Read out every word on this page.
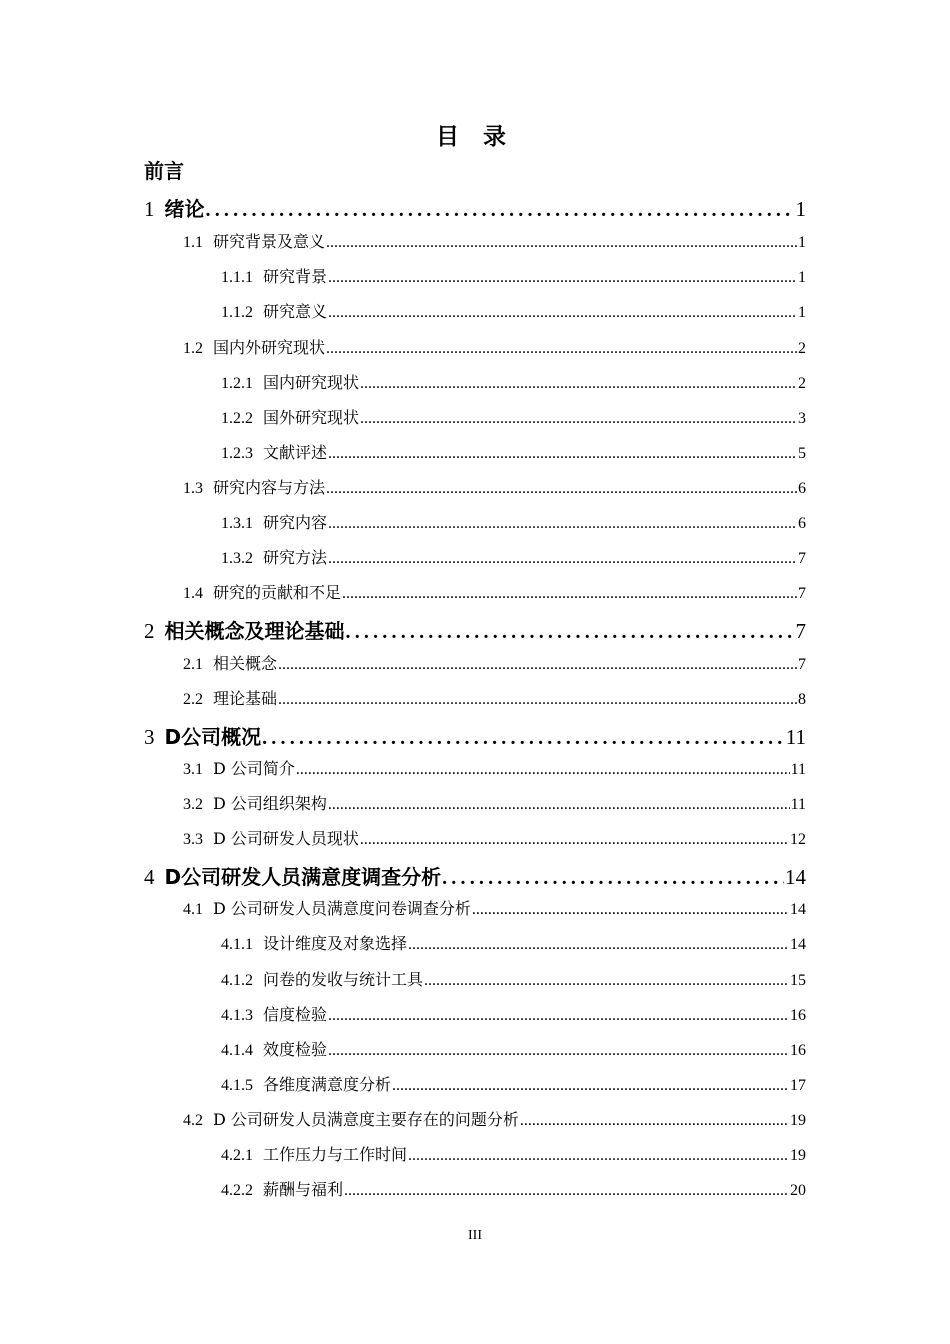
目 录
前言
1 绪论 .....	1
1.1 研究背景及意义 .....	1
1.1.1 研究背景 .....	1
1.1.2 研究意义 .....	1
1.2 国内外研究现状 .....	2
1.2.1 国内研究现状 .....	2
1.2.2 国外研究现状 .....	3
1.2.3 文献评述 .....	5
1.3 研究内容与方法 .....	6
1.3.1 研究内容 .....	6
1.3.2 研究方法 .....	7
1.4 研究的贡献和不足 .....	7
2 相关概念及理论基础 .....	7
2.1 相关概念 .....	7
2.2 理论基础 .....	8
3 D公司概况 .....	11
3.1 D 公司简介 .....	11
3.2 D 公司组织架构 .....	11
3.3 D 公司研发人员现状 .....	12
4 D公司研发人员满意度调查分析 .....	14
4.1 D 公司研发人员满意度问卷调查分析 .....	14
4.1.1 设计维度及对象选择 .....	14
4.1.2 问卷的发收与统计工具 .....	15
4.1.3 信度检验 .....	16
4.1.4 效度检验 .....	16
4.1.5 各维度满意度分析 .....	17
4.2 D 公司研发人员满意度主要存在的问题分析 .....	19
4.2.1 工作压力与工作时间 .....	19
4.2.2 薪酬与福利 .....	20
III
